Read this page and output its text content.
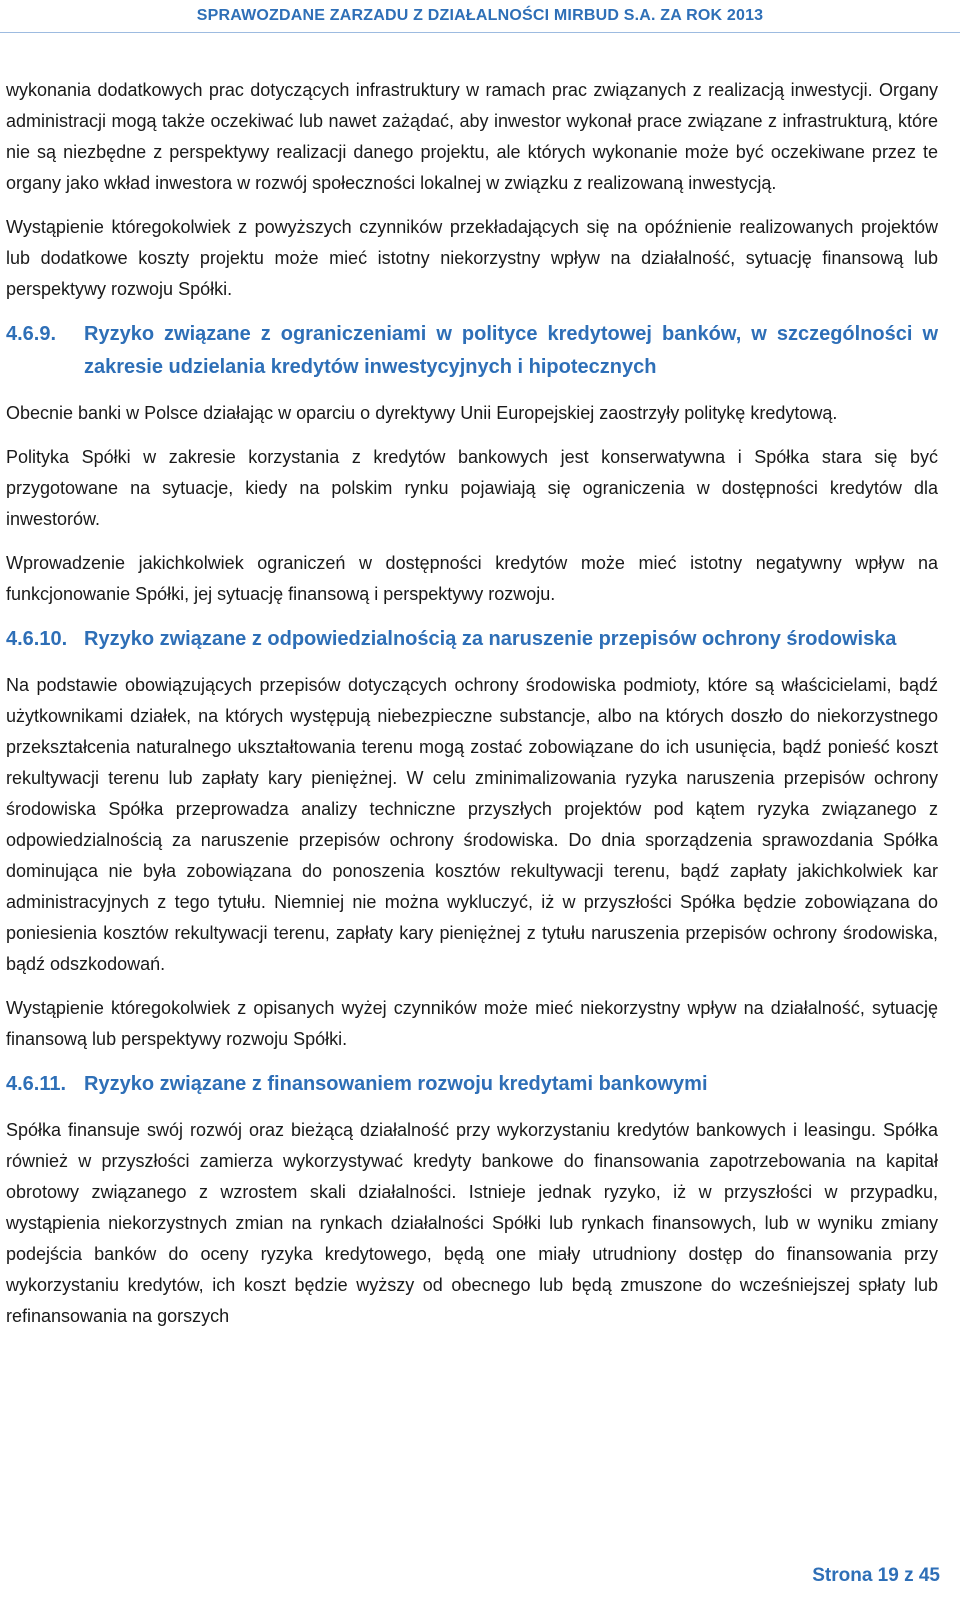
SPRAWOZDANE ZARZADU Z DZIAŁALNOŚCI MIRBUD S.A. ZA ROK 2013

wykonania dodatkowych prac dotyczących infrastruktury w ramach prac związanych z realizacją inwestycji. Organy administracji mogą także oczekiwać lub nawet zażądać, aby inwestor wykonał prace związane z infrastrukturą, które nie są niezbędne z perspektywy realizacji danego projektu, ale których wykonanie może być oczekiwane przez te organy jako wkład inwestora w rozwój społeczności lokalnej w związku z realizowaną inwestycją.

Wystąpienie któregokolwiek z powyższych czynników przekładających się na opóźnienie realizowanych projektów lub dodatkowe koszty projektu może mieć istotny niekorzystny wpływ na działalność, sytuację finansową lub perspektywy rozwoju Spółki.

4.6.9.	Ryzyko związane z ograniczeniami w polityce kredytowej banków, w szczególności w zakresie udzielania kredytów inwestycyjnych i hipotecznych

Obecnie banki w Polsce działając w oparciu o dyrektywy Unii Europejskiej zaostrzyły politykę kredytową.

Polityka Spółki w zakresie korzystania z kredytów bankowych jest konserwatywna i Spółka stara się być przygotowane na sytuacje, kiedy na polskim rynku pojawiają się ograniczenia w dostępności kredytów dla inwestorów.

Wprowadzenie jakichkolwiek ograniczeń w dostępności kredytów może mieć istotny negatywny wpływ na funkcjonowanie Spółki, jej sytuację finansową i perspektywy rozwoju.

4.6.10. Ryzyko związane z odpowiedzialnością za naruszenie przepisów ochrony środowiska

Na podstawie obowiązujących przepisów dotyczących ochrony środowiska podmioty, które są właścicielami, bądź użytkownikami działek, na których występują niebezpieczne substancje, albo na których doszło do niekorzystnego przekształcenia naturalnego ukształtowania terenu mogą zostać zobowiązane do ich usunięcia, bądź ponieść koszt rekultywacji terenu lub zapłaty kary pieniężnej. W celu zminimalizowania ryzyka naruszenia przepisów ochrony środowiska Spółka przeprowadza analizy techniczne przyszłych projektów pod kątem ryzyka związanego z odpowiedzialnością za naruszenie przepisów ochrony środowiska. Do dnia sporządzenia sprawozdania Spółka dominująca nie była zobowiązana do ponoszenia kosztów rekultywacji terenu, bądź zapłaty jakichkolwiek kar administracyjnych z tego tytułu. Niemniej nie można wykluczyć, iż w przyszłości Spółka będzie zobowiązana do poniesienia kosztów rekultywacji terenu, zapłaty kary pieniężnej z tytułu naruszenia przepisów ochrony środowiska, bądź odszkodowań.

Wystąpienie któregokolwiek z opisanych wyżej czynników może mieć niekorzystny wpływ na działalność, sytuację finansową lub perspektywy rozwoju Spółki.

4.6.11. Ryzyko związane z finansowaniem rozwoju kredytami bankowymi

Spółka finansuje swój rozwój oraz bieżącą działalność przy wykorzystaniu kredytów bankowych i leasingu. Spółka również w przyszłości zamierza wykorzystywać kredyty bankowe do finansowania zapotrzebowania na kapitał obrotowy związanego z wzrostem skali działalności. Istnieje jednak ryzyko, iż w przyszłości w przypadku, wystąpienia niekorzystnych zmian na rynkach działalności Spółki lub rynkach finansowych, lub w wyniku zmiany podejścia banków do oceny ryzyka kredytowego, będą one miały utrudniony dostęp do finansowania przy wykorzystaniu kredytów, ich koszt będzie wyższy od obecnego lub będą zmuszone do wcześniejszej spłaty lub refinansowania na gorszych

Strona 19 z 45
